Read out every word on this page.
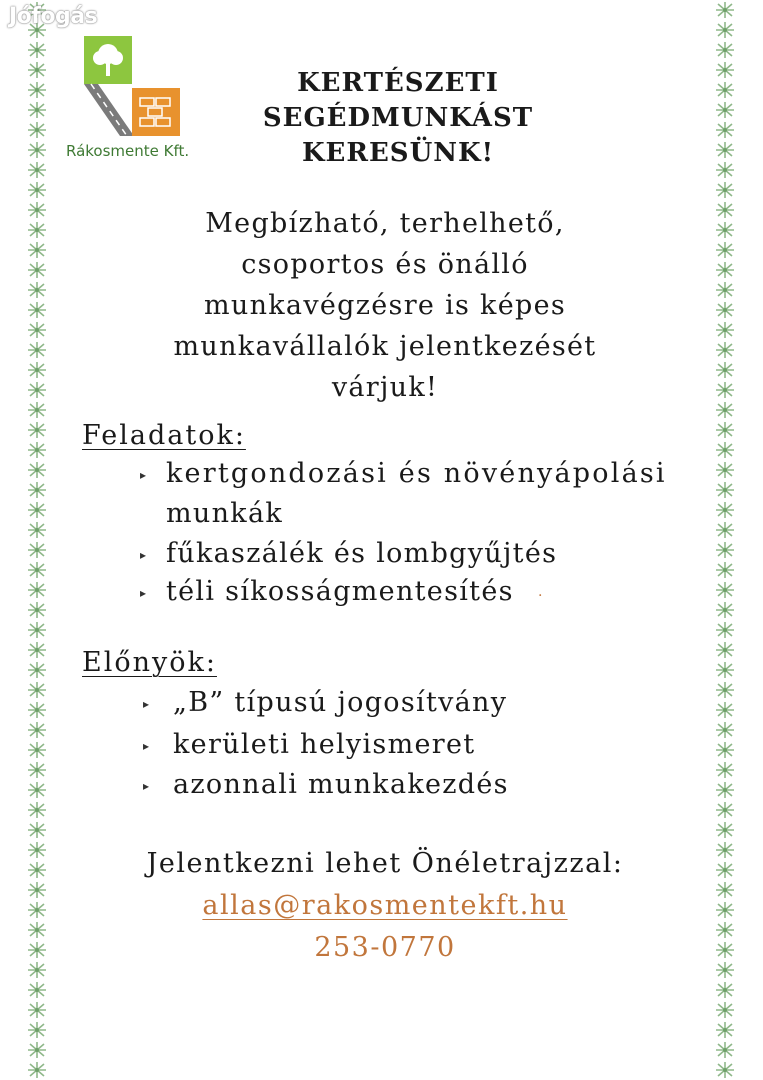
Jófogás
Rákosmente Kft.
KERTÉSZETI
SEGÉDMUNKÁST
KERESÜNK!
Megbízható, terhelhető,
csoportos és önálló
munkavégzésre is képes
munkavállalók jelentkezését
várjuk!
Feladatok:
▸ kertgondozási és növényápolási
munkák
▸ fűkaszálék és lombgyűjtés
▸ téli síkosságmentesítés .
Előnyök:
▸ „B” típusú jogosítvány
▸ kerületi helyismeret
▸ azonnali munkakezdés
Jelentkezni lehet Önéletrajzzal:
allas@rakosmentekft.hu
253-0770
